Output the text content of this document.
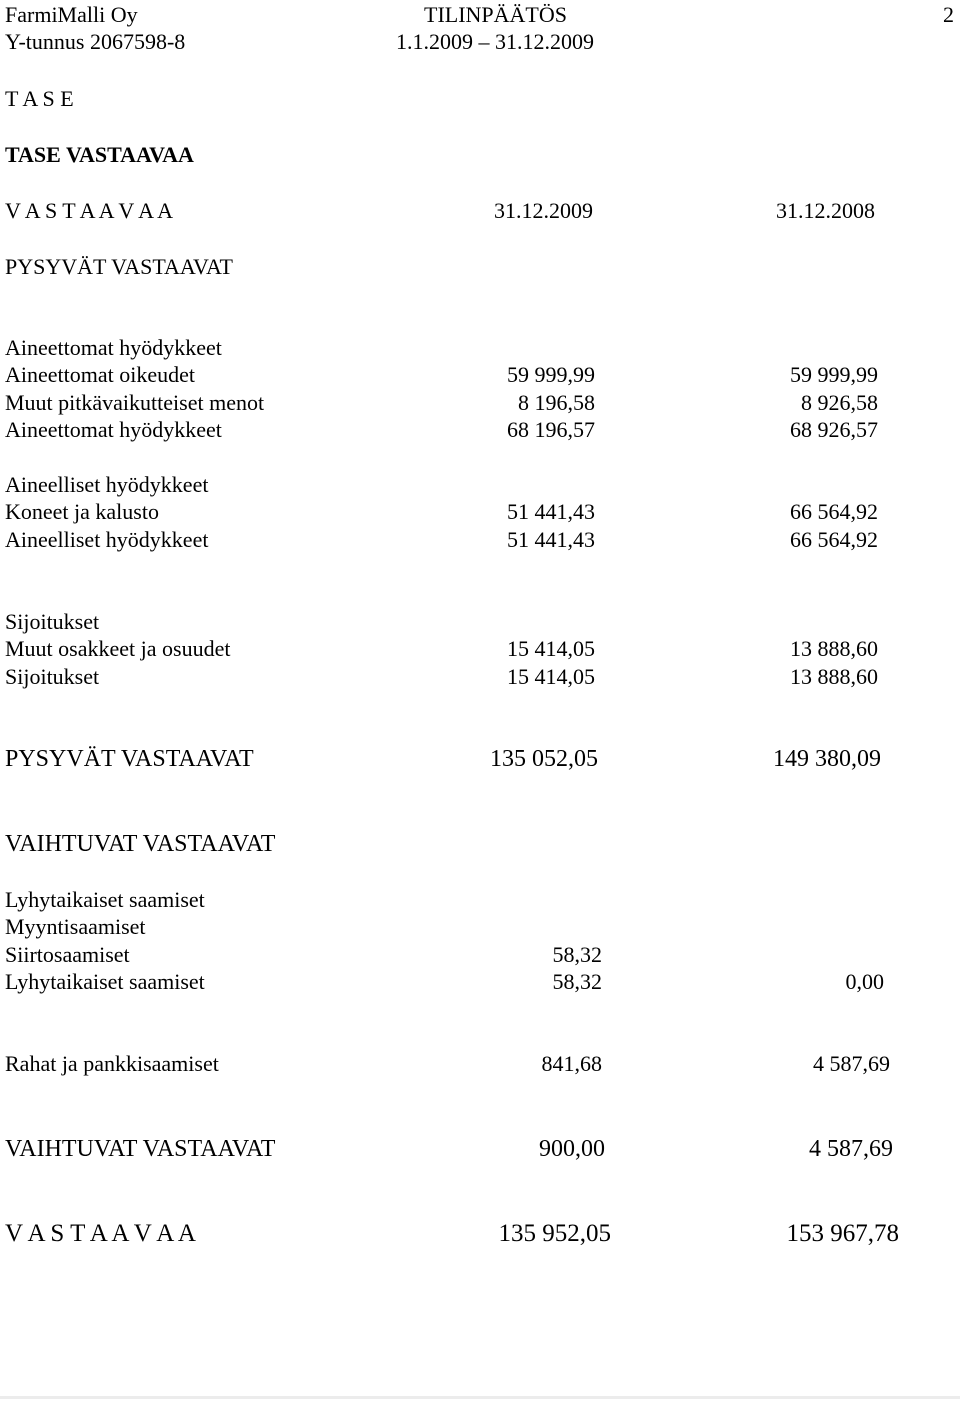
FarmiMalli Oy
Y-tunnus 2067598-8
TILINPÄÄTÖS
1.1.2009 – 31.12.2009
2
T A S E
TASE VASTAAVAA
V A S T A A V A A	31.12.2009	31.12.2008
PYSYVÄT VASTAAVAT
Aineettomat hyödykkeet
Aineettomat oikeudet	59 999,99	59 999,99
Muut pitkävaikutteiset menot	8 196,58	8 926,58
Aineettomat hyödykkeet	68 196,57	68 926,57
Aineelliset hyödykkeet
Koneet ja kalusto	51 441,43	66 564,92
Aineelliset hyödykkeet	51 441,43	66 564,92
Sijoitukset
Muut osakkeet ja osuudet	15 414,05	13 888,60
Sijoitukset	15 414,05	13 888,60
PYSYVÄT VASTAAVAT	135 052,05	149 380,09
VAIHTUVAT VASTAAVAT
Lyhytaikaiset saamiset
Myyntisaamiset
Siirtosaamiset	58,32
Lyhytaikaiset saamiset	58,32	0,00
Rahat ja pankkisaamiset	841,68	4 587,69
VAIHTUVAT VASTAAVAT	900,00	4 587,69
V A S T A A V A A	135 952,05	153 967,78
